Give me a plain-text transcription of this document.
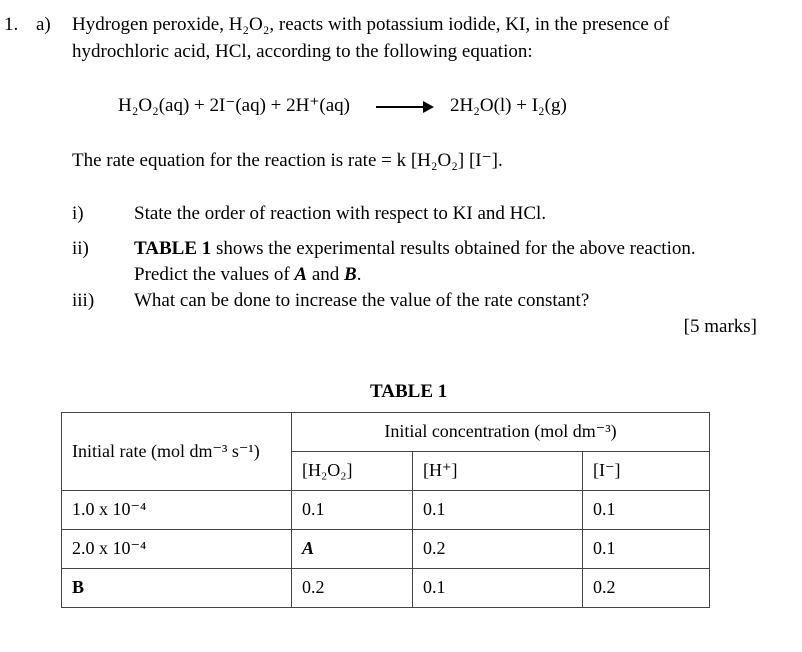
1. a) Hydrogen peroxide, H₂O₂, reacts with potassium iodide, KI, in the presence of
hydrochloric acid, HCl, according to the following equation:
H₂O₂(aq) + 2I⁻(aq) + 2H⁺(aq) → 2H₂O(l) + I₂(g)
The rate equation for the reaction is rate = k [H₂O₂] [I⁻].
i)	State the order of reaction with respect to KI and HCl.
ii) TABLE 1 shows the experimental results obtained for the above reaction.
Predict the values of A and B.
iii) What can be done to increase the value of the rate constant?
[5 marks]
TABLE 1
Initial rate (mol dm⁻³ s⁻¹)	Initial concentration (mol dm⁻³)		
	[H₂O₂]	[H⁺]	[I⁻]
1.0 x 10⁻⁴	0.1	0.1	0.1
2.0 x 10⁻⁴	A	0.2	0.1
B	0.2	0.1	0.2
